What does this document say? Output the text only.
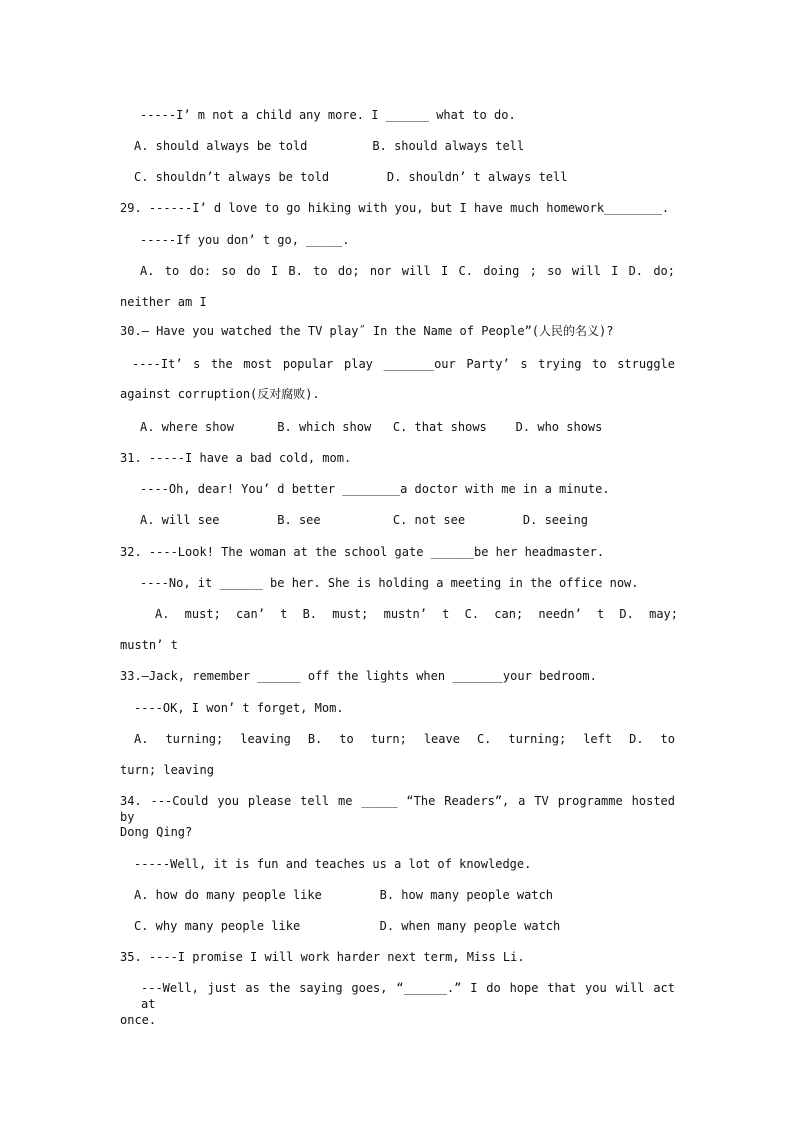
-----I’ m not a child any more. I ______ what to do.
A. should always be told         B. should always tell
C. shouldn’t always be told        D. shouldn’ t always tell
29. ------I’ d love to go hiking with you, but I have much homework________.
-----If you don’ t go, _____.
A. to do: so do I B. to do; nor will I C. doing ; so will I D. do;
neither am I
30.— Have you watched the TV play˝ In the Name of People”(人民的名义)?
----It’ s the most popular play _______our Party’ s trying to struggle
against corruption(反对腐败).
A. where show      B. which show   C. that shows    D. who shows
31. -----I have a bad cold, mom.
----Oh, dear! You’ d better ________a doctor with me in a minute.
A. will see        B. see          C. not see        D. seeing
32. ----Look! The woman at the school gate ______be her headmaster.
----No, it ______ be her. She is holding a meeting in the office now.
A. must; can’ t B. must; mustn’ t C. can; needn’ t D. may;
mustn’ t
33.—Jack, remember ______ off the lights when _______your bedroom.
----OK, I won’ t forget, Mom.
A. turning; leaving B. to turn; leave C. turning; left D. to
turn; leaving
34. ---Could you please tell me _____ “The Readers”, a TV programme hosted by
Dong Qing?
-----Well, it is fun and teaches us a lot of knowledge.
A. how do many people like        B. how many people watch
C. why many people like           D. when many people watch
35. ----I promise I will work harder next term, Miss Li.
---Well, just as the saying goes, “______.” I do hope that you will act at
once.
